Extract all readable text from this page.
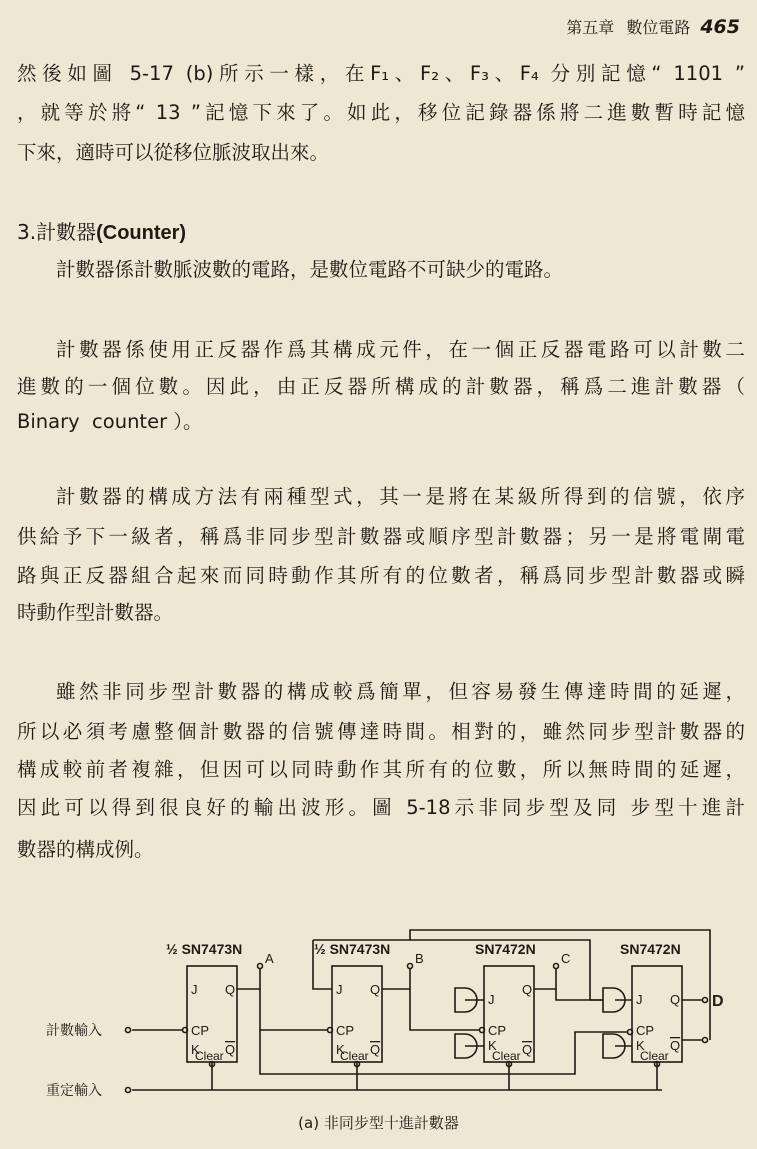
第五章 數位電路 465
然後如圖 5-17 (b)所示一樣，在F₁、F₂、F₃、F₄ 分別記憶“ 1101 ”
，就等於將“ 13 ”記憶下來了。如此，移位記錄器係將二進數暫時記憶
下來，適時可以從移位脈波取出來。
3.計數器(Counter)
計數器係計數脈波數的電路，是數位電路不可缺少的電路。
計數器係使用正反器作爲其構成元件，在一個正反器電路可以計數二
進數的一個位數。因此，由正反器所構成的計數器，稱爲二進計數器（
Binary  counter ）。
計數器的構成方法有兩種型式，其一是將在某級所得到的信號，依序
供給予下一級者，稱爲非同步型計數器或順序型計數器；另一是將電閘電
路與正反器組合起來而同時動作其所有的位數者，稱爲同步型計數器或瞬
時動作型計數器。
雖然非同步型計數器的構成較爲簡單，但容易發生傳達時間的延遲，
所以必須考慮整個計數器的信號傳達時間。相對的，雖然同步型計數器的
構成較前者複雜，但因可以同時動作其所有的位數，所以無時間的延遲，
因此可以得到很良好的輸出波形。圖 5-18示非同步型及同 步型十進計
數器的構成例。
½ SN7473N	½ SN7473N	SN7472N	SN7472N
A	B	C
D
計數輸入
重定輸入
J Q
CP
K Q
Clear
J Q
CP
K Q
Clear
J
Q
CP
K Q
Clear
J Q
CP
K Q
Clear
(a) 非同步型十進計數器
